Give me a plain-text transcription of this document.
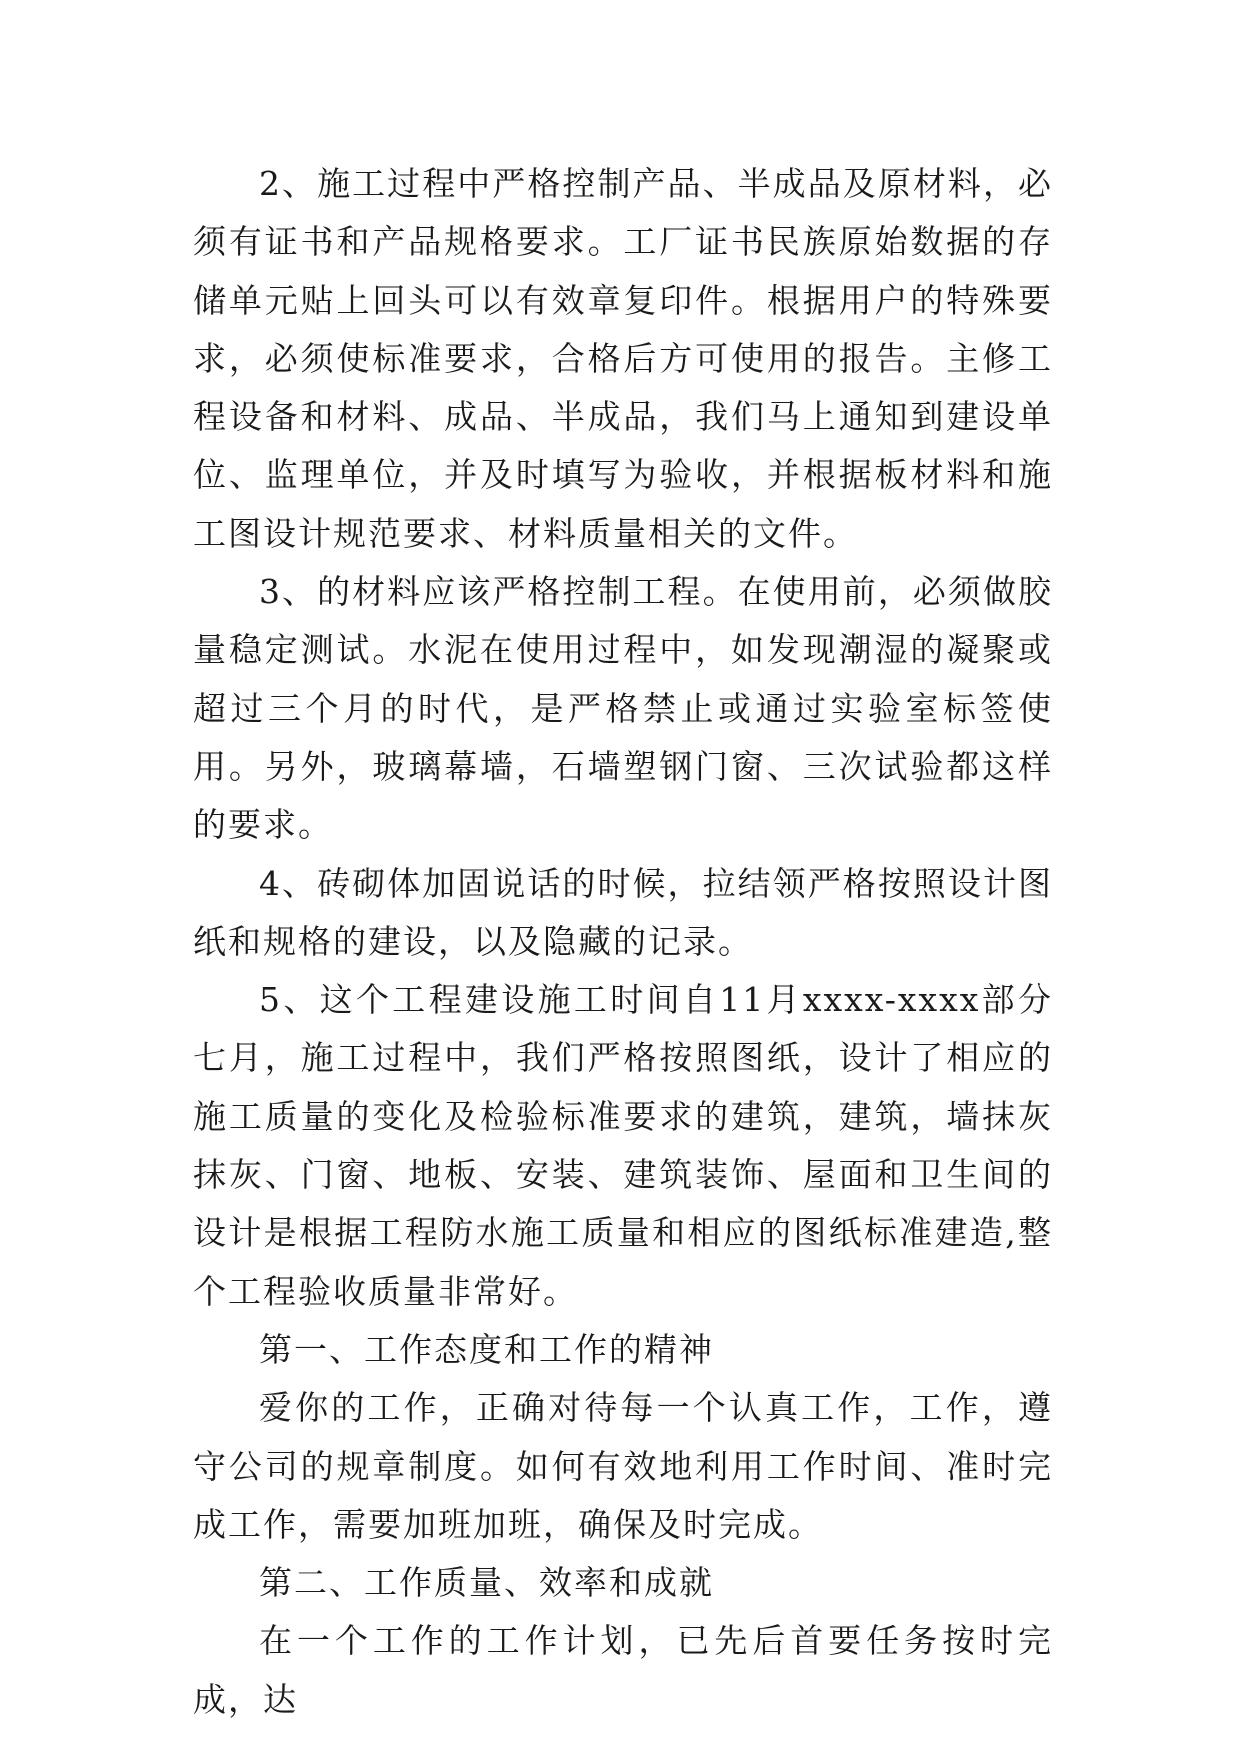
2、施工过程中严格控制产品、半成品及原材料，必须有证书和产品规格要求。工厂证书民族原始数据的存储单元贴上回头可以有效章复印件。根据用户的特殊要求，必须使标准要求，合格后方可使用的报告。主修工程设备和材料、成品、半成品，我们马上通知到建设单位、监理单位，并及时填写为验收，并根据板材料和施工图设计规范要求、材料质量相关的文件。

3、的材料应该严格控制工程。在使用前，必须做胶量稳定测试。水泥在使用过程中，如发现潮湿的凝聚或超过三个月的时代，是严格禁止或通过实验室标签使用。另外，玻璃幕墙，石墙塑钢门窗、三次试验都这样的要求。

4、砖砌体加固说话的时候，拉结领严格按照设计图纸和规格的建设，以及隐藏的记录。

5、这个工程建设施工时间自11月xxxx-xxxx部分七月，施工过程中，我们严格按照图纸，设计了相应的施工质量的变化及检验标准要求的建筑，建筑，墙抹灰抹灰、门窗、地板、安装、建筑装饰、屋面和卫生间的设计是根据工程防水施工质量和相应的图纸标准建造,整个工程验收质量非常好。

第一、工作态度和工作的精神

爱你的工作，正确对待每一个认真工作，工作，遵守公司的规章制度。如何有效地利用工作时间、准时完成工作，需要加班加班，确保及时完成。

第二、工作质量、效率和成就

在一个工作的工作计划，已先后首要任务按时完成，达
